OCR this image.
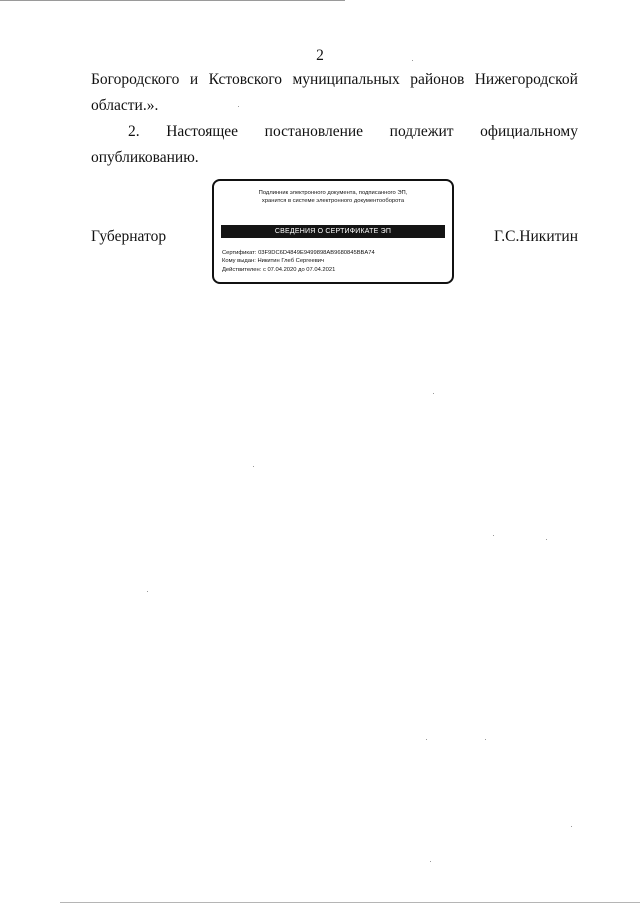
2
Богородского и Кстовского муниципальных районов Нижегородской
области.».
2. Настоящее постановление подлежит официальному
опубликованию.
Губернатор	Г.С.Никитин
Подлинник электронного документа, подписанного ЭП,
хранится в системе электронного документооборота
СВЕДЕНИЯ О СЕРТИФИКАТЕ ЭП
Сертификат: 03F9DC6D4849E9499898AB9680845BBA74
Кому выдан: Никитин Глеб Сергеевич
Действителен: с 07.04.2020 до 07.04.2021
